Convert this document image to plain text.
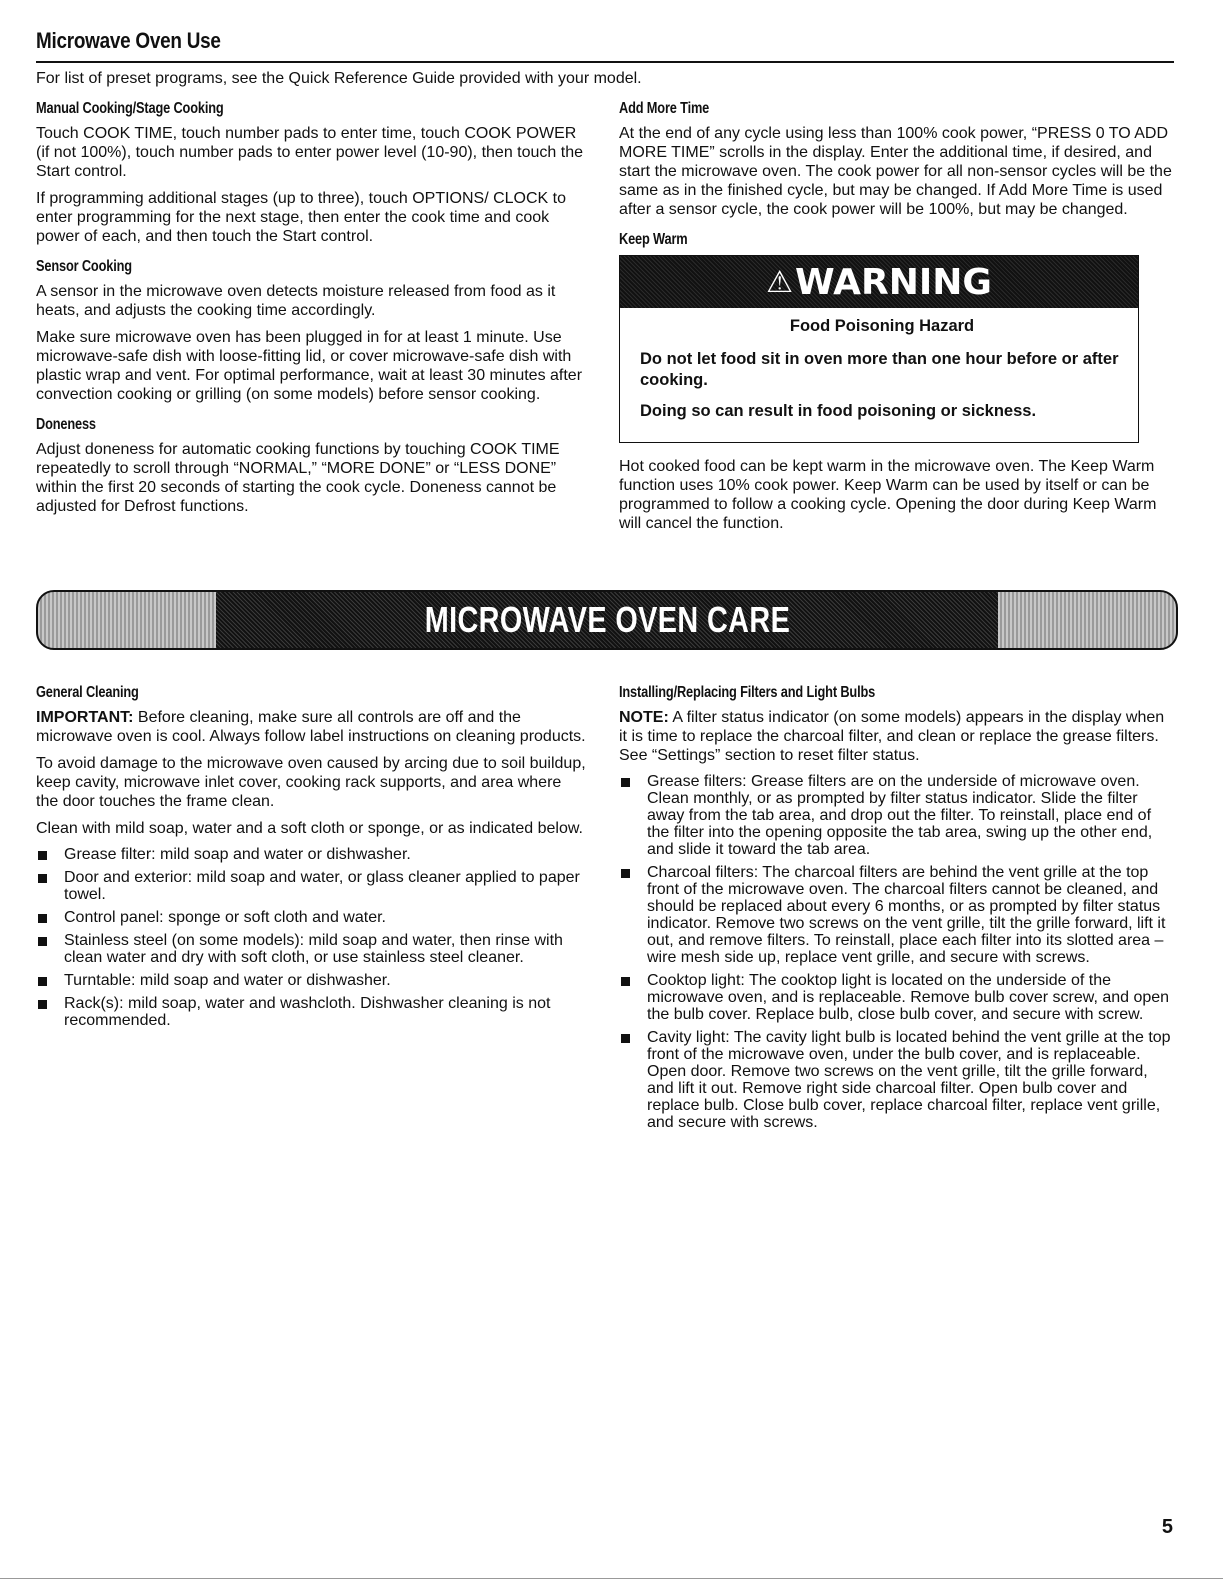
Microwave Oven Use

For list of preset programs, see the Quick Reference Guide provided with your model.

Manual Cooking/Stage Cooking

Touch COOK TIME, touch number pads to enter time, touch COOK POWER (if not 100%), touch number pads to enter power level (10-90), then touch the Start control.

If programming additional stages (up to three), touch OPTIONS/ CLOCK to enter programming for the next stage, then enter the cook time and cook power of each, and then touch the Start control.

Sensor Cooking

A sensor in the microwave oven detects moisture released from food as it heats, and adjusts the cooking time accordingly.

Make sure microwave oven has been plugged in for at least 1 minute. Use microwave-safe dish with loose-fitting lid, or cover microwave-safe dish with plastic wrap and vent. For optimal performance, wait at least 30 minutes after convection cooking or grilling (on some models) before sensor cooking.

Doneness

Adjust doneness for automatic cooking functions by touching COOK TIME repeatedly to scroll through “NORMAL,” “MORE DONE” or “LESS DONE” within the first 20 seconds of starting the cook cycle. Doneness cannot be adjusted for Defrost functions.

Add More Time

At the end of any cycle using less than 100% cook power, “PRESS 0 TO ADD MORE TIME” scrolls in the display. Enter the additional time, if desired, and start the microwave oven. The cook power for all non-sensor cycles will be the same as in the finished cycle, but may be changed. If Add More Time is used after a sensor cycle, the cook power will be 100%, but may be changed.

Keep Warm
⚠ WARNING

Food Poisoning Hazard

Do not let food sit in oven more than one hour before or after cooking.

Doing so can result in food poisoning or sickness.

Hot cooked food can be kept warm in the microwave oven. The Keep Warm function uses 10% cook power. Keep Warm can be used by itself or can be programmed to follow a cooking cycle. Opening the door during Keep Warm will cancel the function.

MICROWAVE OVEN CARE
General Cleaning

IMPORTANT: Before cleaning, make sure all controls are off and the microwave oven is cool. Always follow label instructions on cleaning products.

To avoid damage to the microwave oven caused by arcing due to soil buildup, keep cavity, microwave inlet cover, cooking rack supports, and area where the door touches the frame clean.

Clean with mild soap, water and a soft cloth or sponge, or as indicated below.

Grease filter: mild soap and water or dishwasher.
Door and exterior: mild soap and water, or glass cleaner applied to paper towel.
Control panel: sponge or soft cloth and water.
Stainless steel (on some models): mild soap and water, then rinse with clean water and dry with soft cloth, or use stainless steel cleaner.
Turntable: mild soap and water or dishwasher.
Rack(s): mild soap, water and washcloth. Dishwasher cleaning is not recommended.
Installing/Replacing Filters and Light Bulbs

NOTE: A filter status indicator (on some models) appears in the display when it is time to replace the charcoal filter, and clean or replace the grease filters. See “Settings” section to reset filter status.

Grease filters: Grease filters are on the underside of microwave oven. Clean monthly, or as prompted by filter status indicator. Slide the filter away from the tab area, and drop out the filter. To reinstall, place end of the filter into the opening opposite the tab area, swing up the other end, and slide it toward the tab area.
Charcoal filters: The charcoal filters are behind the vent grille at the top front of the microwave oven. The charcoal filters cannot be cleaned, and should be replaced about every 6 months, or as prompted by filter status indicator. Remove two screws on the vent grille, tilt the grille forward, lift it out, and remove filters. To reinstall, place each filter into its slotted area – wire mesh side up, replace vent grille, and secure with screws.
Cooktop light: The cooktop light is located on the underside of the microwave oven, and is replaceable. Remove bulb cover screw, and open the bulb cover. Replace bulb, close bulb cover, and secure with screw.
Cavity light: The cavity light bulb is located behind the vent grille at the top front of the microwave oven, under the bulb cover, and is replaceable. Open door. Remove two screws on the vent grille, tilt the grille forward, and lift it out. Remove right side charcoal filter. Open bulb cover and replace bulb. Close bulb cover, replace charcoal filter, replace vent grille, and secure with screws.
5
